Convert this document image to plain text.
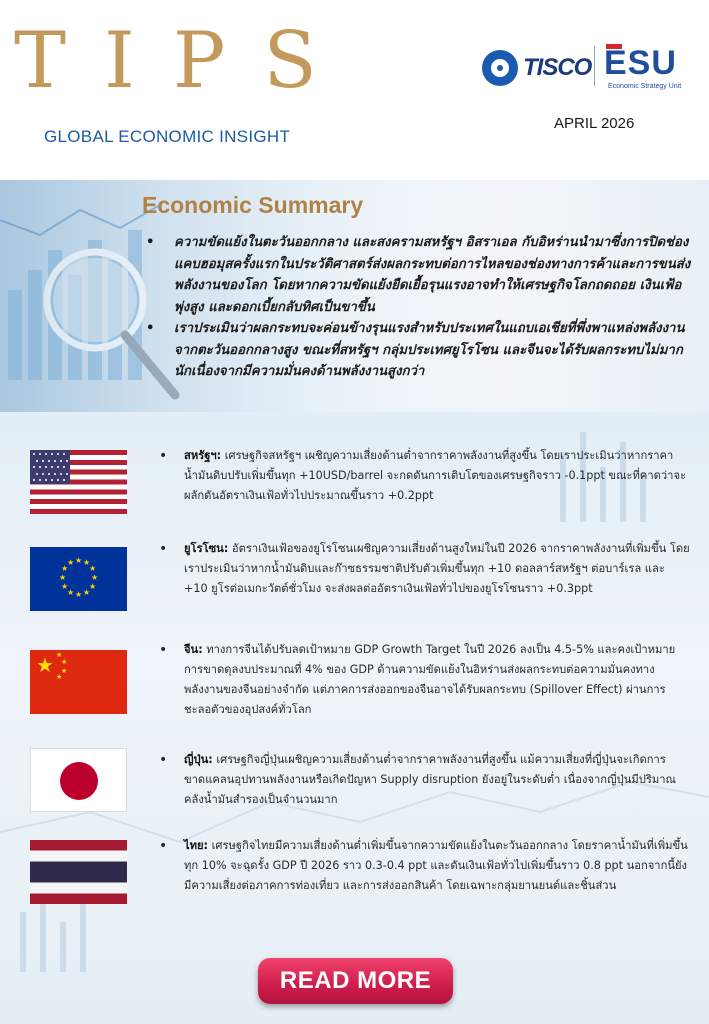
TIPS
GLOBAL ECONOMIC INSIGHT
TISCO ESU
Economic Strategy Unit
APRIL 2026
Economic Summary
• ความขัดแย้งในตะวันออกกลาง และสงครามสหรัฐฯ อิสราเอล กับอิหร่านนำมาซึ่งการปิดช่องแคบฮอมุสครั้งแรกในประวัติศาสตร์ส่งผลกระทบต่อการไหลของช่องทางการค้าและการขนส่งพลังงานของโลก โดยหากความขัดแย้งยืดเยื้อรุนแรงอาจทำให้เศรษฐกิจโลกถดถอย เงินเฟ้อพุ่งสูง และดอกเบี้ยกลับทิศเป็นขาขึ้น
• เราประเมินว่าผลกระทบจะค่อนข้างรุนแรงสำหรับประเทศในแถบเอเชียที่พึ่งพาแหล่งพลังงานจากตะวันออกกลางสูง ขณะที่สหรัฐฯ กลุ่มประเทศยูโรโซน และจีนจะได้รับผลกระทบไม่มากนักเนื่องจากมีความมั่นคงด้านพลังงานสูงกว่า
•	สหรัฐฯ: เศรษฐกิจสหรัฐฯ เผชิญความเสี่ยงด้านต่ำจากราคาพลังงานที่สูงขึ้น โดยเราประเมินว่าหากราคาน้ำมันดิบปรับเพิ่มขึ้นทุก +10USD/barrel จะกดดันการเติบโตของเศรษฐกิจราว -0.1ppt ขณะที่คาดว่าจะผลักดันอัตราเงินเฟ้อทั่วไปประมาณขึ้นราว +0.2ppt
★ ★
★
★
★
★
★
★
★
★
★
★
•	ยูโรโซน: อัตราเงินเฟ้อของยูโรโซนเผชิญความเสี่ยงด้านสูงใหม่ในปี 2026 จากราคาพลังงานที่เพิ่มขึ้น โดยเราประเมินว่าหากน้ำมันดิบและก๊าซธรรมชาติปรับตัวเพิ่มขึ้นทุก +10 ดอลลาร์สหรัฐฯ ต่อบาร์เรล และ +10 ยูโรต่อเมกะวัตต์ชั่วโมง จะส่งผลต่ออัตราเงินเฟ้อทั่วไปของยูโรโซนราว +0.3ppt
★ ★
★
★
★
•	จีน: ทางการจีนได้ปรับลดเป้าหมาย GDP Growth Target ในปี 2026 ลงเป็น 4.5-5% และคงเป้าหมายการขาดดุลงบประมาณที่ 4% ของ GDP ด้านความขัดแย้งในอิหร่านส่งผลกระทบต่อความมั่นคงทางพลังงานของจีนอย่างจำกัด แต่ภาคการส่งออกของจีนอาจได้รับผลกระทบ (Spillover Effect) ผ่านการชะลอตัวของอุปสงค์ทั่วโลก
•	ญี่ปุ่น: เศรษฐกิจญี่ปุ่นเผชิญความเสี่ยงด้านต่ำจากราคาพลังงานที่สูงขึ้น แม้ความเสี่ยงที่ญี่ปุ่นจะเกิดการขาดแคลนอุปทานพลังงานหรือเกิดปัญหา Supply disruption ยังอยู่ในระดับต่ำ เนื่องจากญี่ปุ่นมีปริมาณคลังน้ำมันสำรองเป็นจำนวนมาก
•	ไทย: เศรษฐกิจไทยมีความเสี่ยงด้านต่ำเพิ่มขึ้นจากความขัดแย้งในตะวันออกกลาง โดยราคาน้ำมันที่เพิ่มขึ้นทุก 10% จะฉุดรั้ง GDP ปี 2026 ราว 0.3-0.4 ppt และดันเงินเฟ้อทั่วไปเพิ่มขึ้นราว 0.8 ppt นอกจากนี้ยังมีความเสี่ยงต่อภาคการท่องเที่ยว และการส่งออกสินค้า โดยเฉพาะกลุ่มยานยนต์และชิ้นส่วน
READ MORE
